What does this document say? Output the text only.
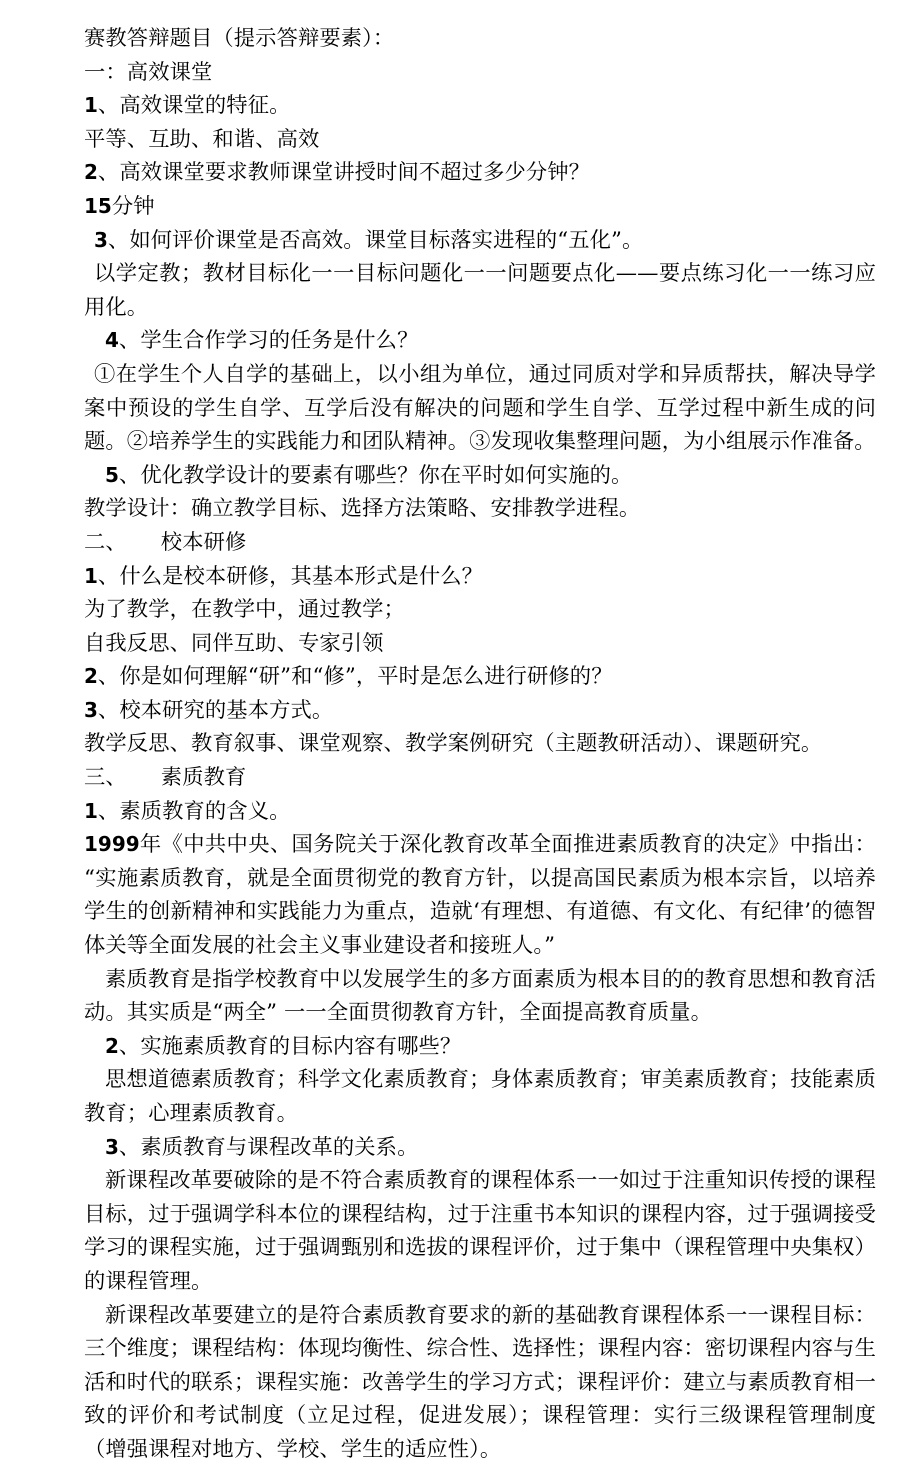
赛教答辩题目（提示答辩要素）：

一：高效课堂

1、高效课堂的特征。

平等、互助、和谐、高效

2、高效课堂要求教师课堂讲授时间不超过多少分钟？

15分钟

3、如何评价课堂是否高效。课堂目标落实进程的“五化”。

以学定教；教材目标化一一目标问题化一一问题要点化——要点练习化一一练习应用化。

4、学生合作学习的任务是什么？

①在学生个人自学的基础上，以小组为单位，通过同质对学和异质帮扶，解决导学案中预设的学生自学、互学后没有解决的问题和学生自学、互学过程中新生成的问题。②培养学生的实践能力和团队精神。③发现收集整理问题，为小组展示作准备。

5、优化教学设计的要素有哪些？你在平时如何实施的。

教学设计：确立教学目标、选择方法策略、安排教学进程。

二、 校本研修

1、什么是校本研修，其基本形式是什么？

为了教学，在教学中，通过教学；

自我反思、同伴互助、专家引领

2、你是如何理解“研”和“修”，平时是怎么进行研修的？

3、校本研究的基本方式。

教学反思、教育叙事、课堂观察、教学案例研究（主题教研活动）、课题研究。

三、 素质教育

1、素质教育的含义。

1999年《中共中央、国务院关于深化教育改革全面推进素质教育的决定》中指出：“实施素质教育，就是全面贯彻党的教育方针，以提高国民素质为根本宗旨，以培养学生的创新精神和实践能力为重点，造就‘有理想、有道德、有文化、有纪律’的德智体关等全面发展的社会主义事业建设者和接班人。”

素质教育是指学校教育中以发展学生的多方面素质为根本目的的教育思想和教育活动。其实质是“两全” 一一全面贯彻教育方针，全面提高教育质量。

2、实施素质教育的目标内容有哪些？

思想道德素质教育；科学文化素质教育；身体素质教育；审美素质教育；技能素质教育；心理素质教育。

3、素质教育与课程改革的关系。

新课程改革要破除的是不符合素质教育的课程体系一一如过于注重知识传授的课程目标，过于强调学科本位的课程结构，过于注重书本知识的课程内容，过于强调接受学习的课程实施，过于强调甄别和选拔的课程评价，过于集中（课程管理中央集权）的课程管理。

新课程改革要建立的是符合素质教育要求的新的基础教育课程体系一一课程目标：三个维度；课程结构：体现均衡性、综合性、选择性；课程内容：密切课程内容与生活和时代的联系；课程实施：改善学生的学习方式；课程评价：建立与素质教育相一致的评价和考试制度（立足过程，促进发展）；课程管理：实行三级课程管理制度（增强课程对地方、学校、学生的适应性）。
